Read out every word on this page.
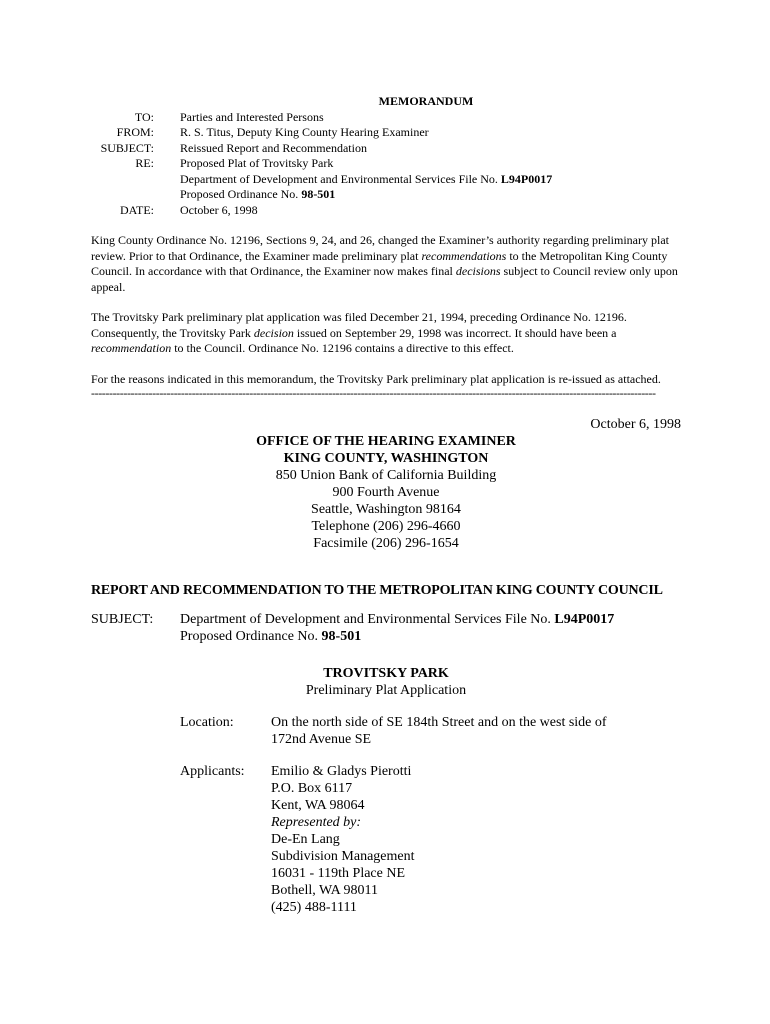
MEMORANDUM
TO: Parties and Interested Persons
FROM: R. S. Titus, Deputy King County Hearing Examiner
SUBJECT: Reissued Report and Recommendation
RE: Proposed Plat of Trovitsky Park
Department of Development and Environmental Services File No. L94P0017
Proposed Ordinance No. 98-501
DATE: October 6, 1998
King County Ordinance No. 12196, Sections 9, 24, and 26, changed the Examiner’s authority regarding preliminary plat review. Prior to that Ordinance, the Examiner made preliminary plat recommendations to the Metropolitan King County Council. In accordance with that Ordinance, the Examiner now makes final decisions subject to Council review only upon appeal.
The Trovitsky Park preliminary plat application was filed December 21, 1994, preceding Ordinance No. 12196. Consequently, the Trovitsky Park decision issued on September 29, 1998 was incorrect. It should have been a recommendation to the Council. Ordinance No. 12196 contains a directive to this effect.
For the reasons indicated in this memorandum, the Trovitsky Park preliminary plat application is re-issued as attached.
-------------------------------------------------------------------------------------------------------------------------------------------------------------
October 6, 1998
OFFICE OF THE HEARING EXAMINER
KING COUNTY, WASHINGTON
850 Union Bank of California Building
900 Fourth Avenue
Seattle, Washington 98164
Telephone (206) 296-4660
Facsimile (206) 296-1654
REPORT AND RECOMMENDATION TO THE METROPOLITAN KING COUNTY COUNCIL
SUBJECT:	Department of Development and Environmental Services File No. L94P0017
Proposed Ordinance No. 98-501
TROVITSKY PARK
Preliminary Plat Application
Location:	On the north side of SE 184th Street and on the west side of
172nd Avenue SE
Applicants:	Emilio & Gladys Pierotti
P.O. Box 6117
Kent, WA 98064
Represented by:
De-En Lang
Subdivision Management
16031 - 119th Place NE
Bothell, WA 98011
(425) 488-1111
